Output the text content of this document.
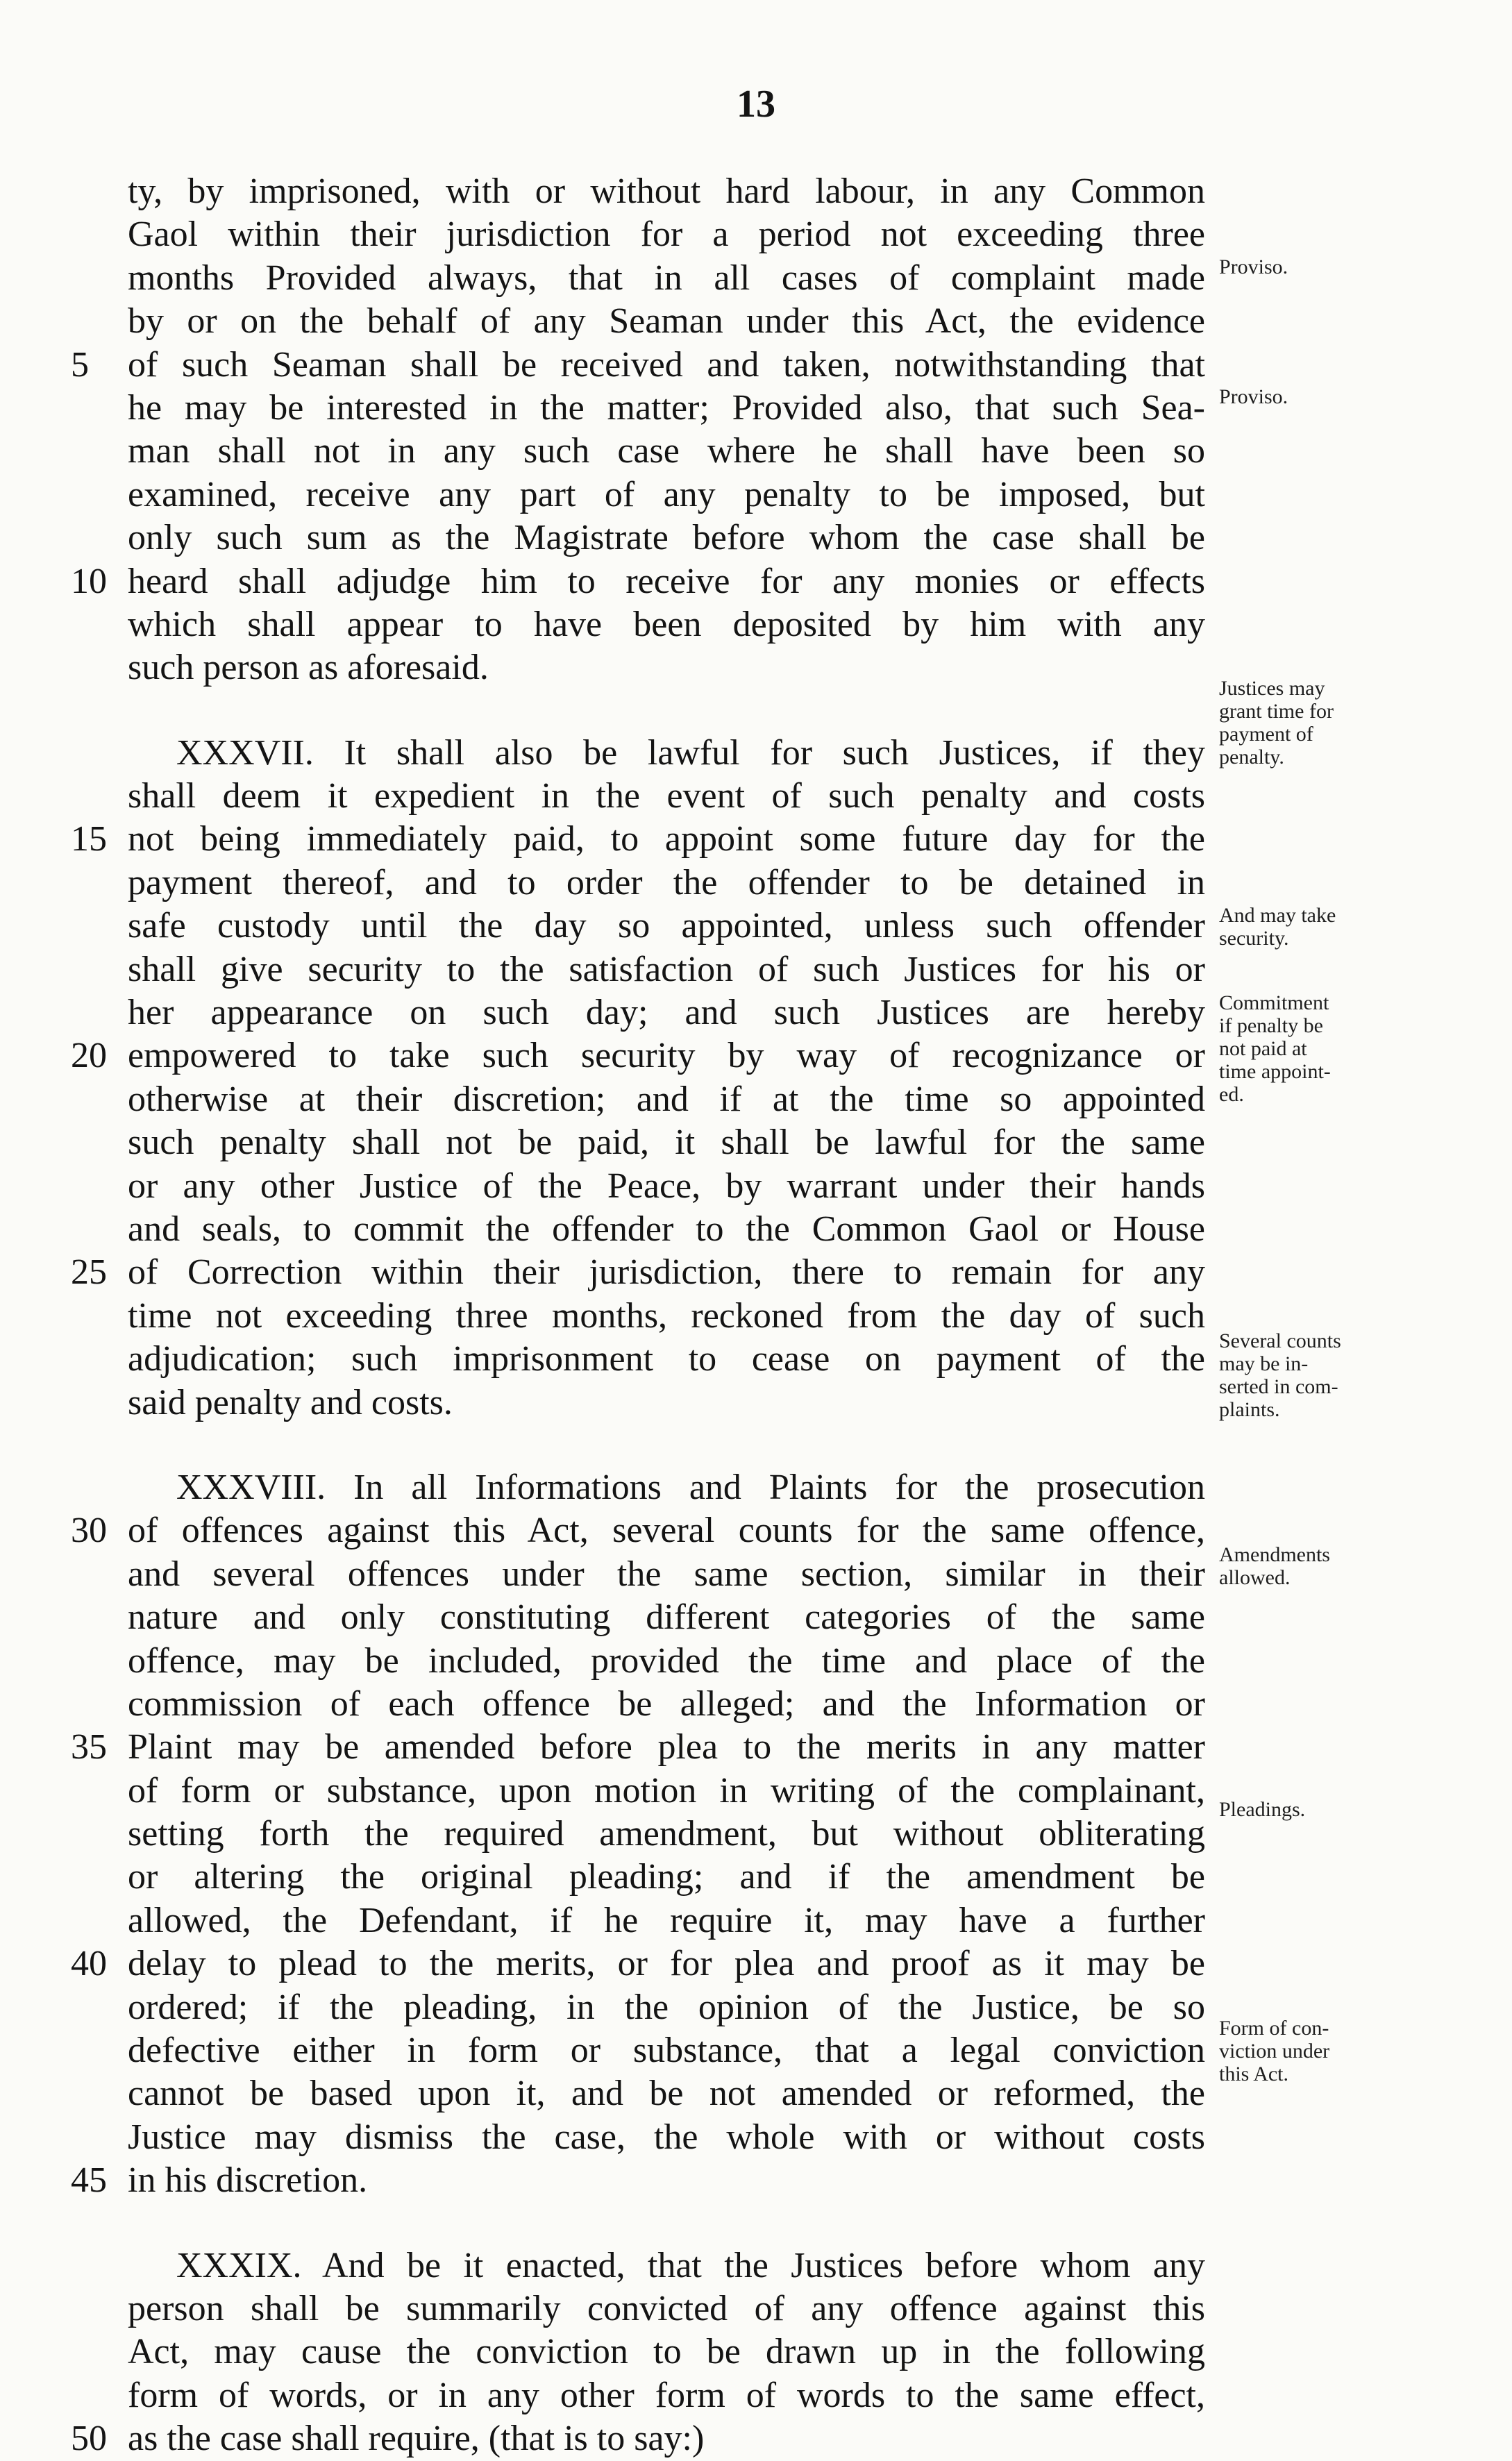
13
ty, by imprisoned, with or without hard labour, in any Common
Gaol within their jurisdiction for a period not exceeding three
months Provided always, that in all cases of complaint made
by or on the behalf of any Seaman under this Act, the evidence
5	of such Seaman shall be received and taken, notwithstanding that
he may be interested in the matter; Provided also, that such Sea-
man shall not in any such case where he shall have been so
examined, receive any part of any penalty to be imposed, but
only such sum as the Magistrate before whom the case shall be
10 heard shall adjudge him to receive for any monies or effects
which shall appear to have been deposited by him with any
such person as aforesaid.
XXXVII. It shall also be lawful for such Justices, if they
shall deem it expedient in the event of such penalty and costs
15 not being immediately paid, to appoint some future day for the
payment thereof, and to order the offender to be detained in
safe custody until the day so appointed, unless such offender
shall give security to the satisfaction of such Justices for his or
her appearance on such day; and such Justices are hereby
20 empowered to take such security by way of recognizance or
otherwise at their discretion; and if at the time so appointed
such penalty shall not be paid, it shall be lawful for the same
or any other Justice of the Peace, by warrant under their hands
and seals, to commit the offender to the Common Gaol or House
25 of Correction within their jurisdiction, there to remain for any
time not exceeding three months, reckoned from the day of such
adjudication; such imprisonment to cease on payment of the
said penalty and costs.
XXXVIII. In all Informations and Plaints for the prosecution
30 of offences against this Act, several counts for the same offence,
and several offences under the same section, similar in their
nature and only constituting different categories of the same
offence, may be included, provided the time and place of the
commission of each offence be alleged; and the Information or
35 Plaint may be amended before plea to the merits in any matter
of form or substance, upon motion in writing of the complainant,
setting forth the required amendment, but without obliterating
or altering the original pleading; and if the amendment be
allowed, the Defendant, if he require it, may have a further
40 delay to plead to the merits, or for plea and proof as it may be
ordered; if the pleading, in the opinion of the Justice, be so
defective either in form or substance, that a legal conviction
cannot be based upon it, and be not amended or reformed, the
Justice may dismiss the case, the whole with or without costs
45 in his discretion.
XXXIX. And be it enacted, that the Justices before whom any
person shall be summarily convicted of any offence against this
Act, may cause the conviction to be drawn up in the following
form of words, or in any other form of words to the same effect,
50 as the case shall require, (that is to say:)
Proviso.
Proviso.
Justices may
grant time for
payment of
penalty.
And may take
security.
Commitment
if penalty be
not paid at
time appoint-
ed.
Several counts
may be in-
serted in com-
plaints.
Amendments
allowed.
Pleadings.
Form of con-
viction under
this Act.
